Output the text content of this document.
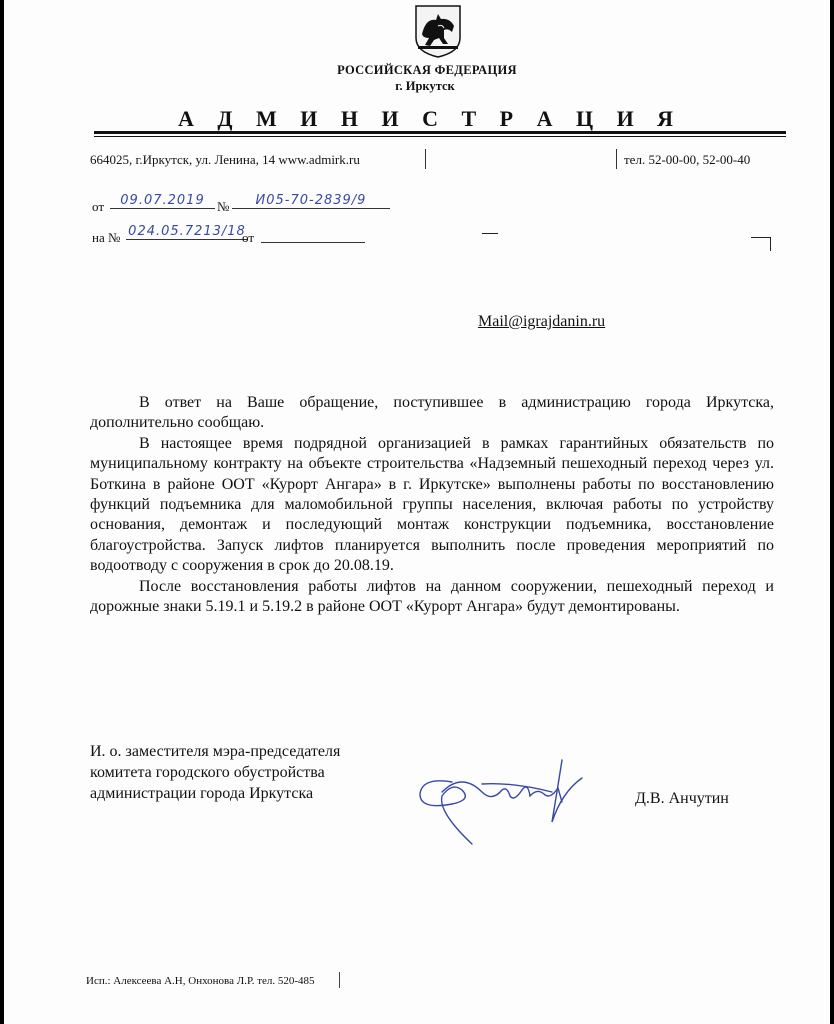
РОССИЙСКАЯ ФЕДЕРАЦИЯ
г. Иркутск
А Д М И Н И С Т Р А Ц И Я
664025, г.Иркутск, ул. Ленина, 14 www.admirk.ru	тел. 52-00-00, 52-00-40
от	09.07.2019 №	И05-70-2839/9
на № 024.05.7213/18
от
Mail@igrajdanin.ru

В ответ на Ваше обращение, поступившее в администрацию города Иркутска, дополнительно сообщаю.

В настоящее время подрядной организацией в рамках гарантийных обязательств по муниципальному контракту на объекте строительства «Надземный пешеходный переход через ул. Боткина в районе ООТ «Курорт Ангара» в г. Иркутске» выполнены работы по восстановлению функций подъемника для маломобильной группы населения, включая работы по устройству основания, демонтаж и последующий монтаж конструкции подъемника, восстановление благоустройства. Запуск лифтов планируется выполнить после проведения мероприятий по водоотводу с сооружения в срок до 20.08.19.

После восстановления работы лифтов на данном сооружении, пешеходный переход и дорожные знаки 5.19.1 и 5.19.2 в районе ООТ «Курорт Ангара» будут демонтированы.

И. о. заместителя мэра-председателя
комитета городского обустройства
администрации города Иркутска	Д.В. Анчутин
Исп.: Алексеева А.Н, Онхонова Л.Р. тел. 520-485
